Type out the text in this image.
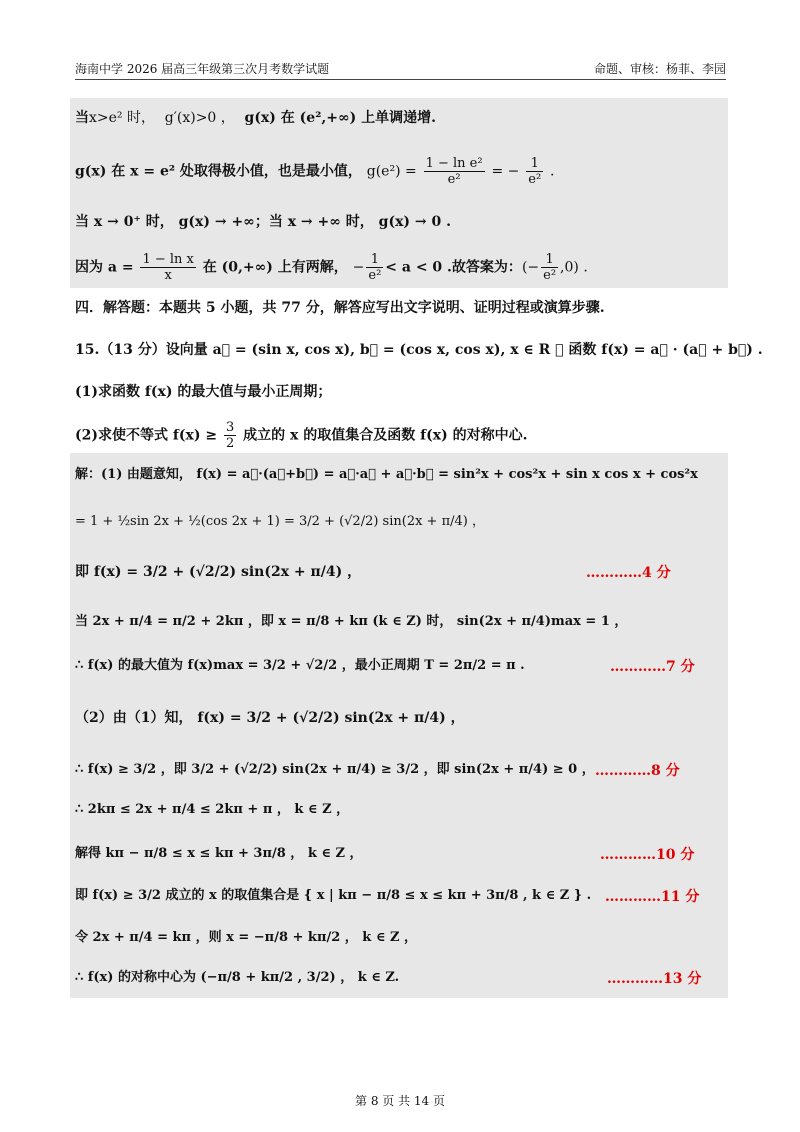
海南中学 2026 届高三年级第三次月考数学试题	命题、审核：杨菲、李园
当x>e² 时， g′(x)>0 ， g(x) 在 (e²,+∞) 上单调递增.
g(x) 在 x = e² 处取得极小值，也是最小值， $g(e^2) = \frac{\text{1 − ln e²}}{\text{e²}}$ = − $\frac{1}{\text{e²}}$ .
当 x → 0⁺ 时， g(x) → +∞；当 x → +∞ 时， g(x) → 0 .
因为 $a = \frac{\text{1 − ln x}}{x}$ 在 (0,+∞) 上有两解， − $\frac{1}{\text{e²}} < a < 0$ .故答案为：(− $\frac{1}{\text{e²}} ,0$) .
四．解答题：本题共 5 小题，共 77 分，解答应写出文字说明、证明过程或演算步骤.
15.（13 分）设向量 a⃗ = (sin x, cos x), b⃗ = (cos x, cos x), x ∈ R ， 函数 f(x) = a⃗ · (a⃗ + b⃗) .
(1)求函数 f(x) 的最大值与最小正周期；
(2)求使不等式 $f(x) \ge \frac{3}{2}$ 成立的 x 的取值集合及函数 f(x) 的对称中心.
解：(1) 由题意知， f(x) = a⃗·(a⃗+b⃗) = a⃗·a⃗ + a⃗·b⃗ = sin²x + cos²x + sin x cos x + cos²x
= 1 + ½sin 2x + ½(cos 2x + 1) = 3/2 + (√2/2) sin(2x + π/4) ，
即 f(x) = 3/2 + (√2/2) sin(2x + π/4) ，	…………4 分
当 2x + π/4 = π/2 + 2kπ ，即 x = π/8 + kπ (k ∈ Z) 时， sin(2x + π/4)max = 1 ，
∴ f(x) 的最大值为 f(x)max = 3/2 + √2/2 ，最小正周期 T = 2π/2 = π .	…………7 分
（2）由（1）知， f(x) = 3/2 + (√2/2) sin(2x + π/4) ，
∴ f(x) ≥ 3/2 ，即 3/2 + (√2/2) sin(2x + π/4) ≥ 3/2 ，即 sin(2x + π/4) ≥ 0 ， …………8 分
∴ 2kπ ≤ 2x + π/4 ≤ 2kπ + π ， k ∈ Z ，
解得 kπ − π/8 ≤ x ≤ kπ + 3π/8 ， k ∈ Z ，	…………10 分
即 f(x) ≥ 3/2 成立的 x 的取值集合是 { x | kπ − π/8 ≤ x ≤ kπ + 3π/8 , k ∈ Z } . …………11 分
令 2x + π/4 = kπ ，则 x = −π/8 + kπ/2 ， k ∈ Z ，
∴ f(x) 的对称中心为 (−π/8 + kπ/2 , 3/2) ， k ∈ Z.	…………13 分
第 8 页 共 14 页
